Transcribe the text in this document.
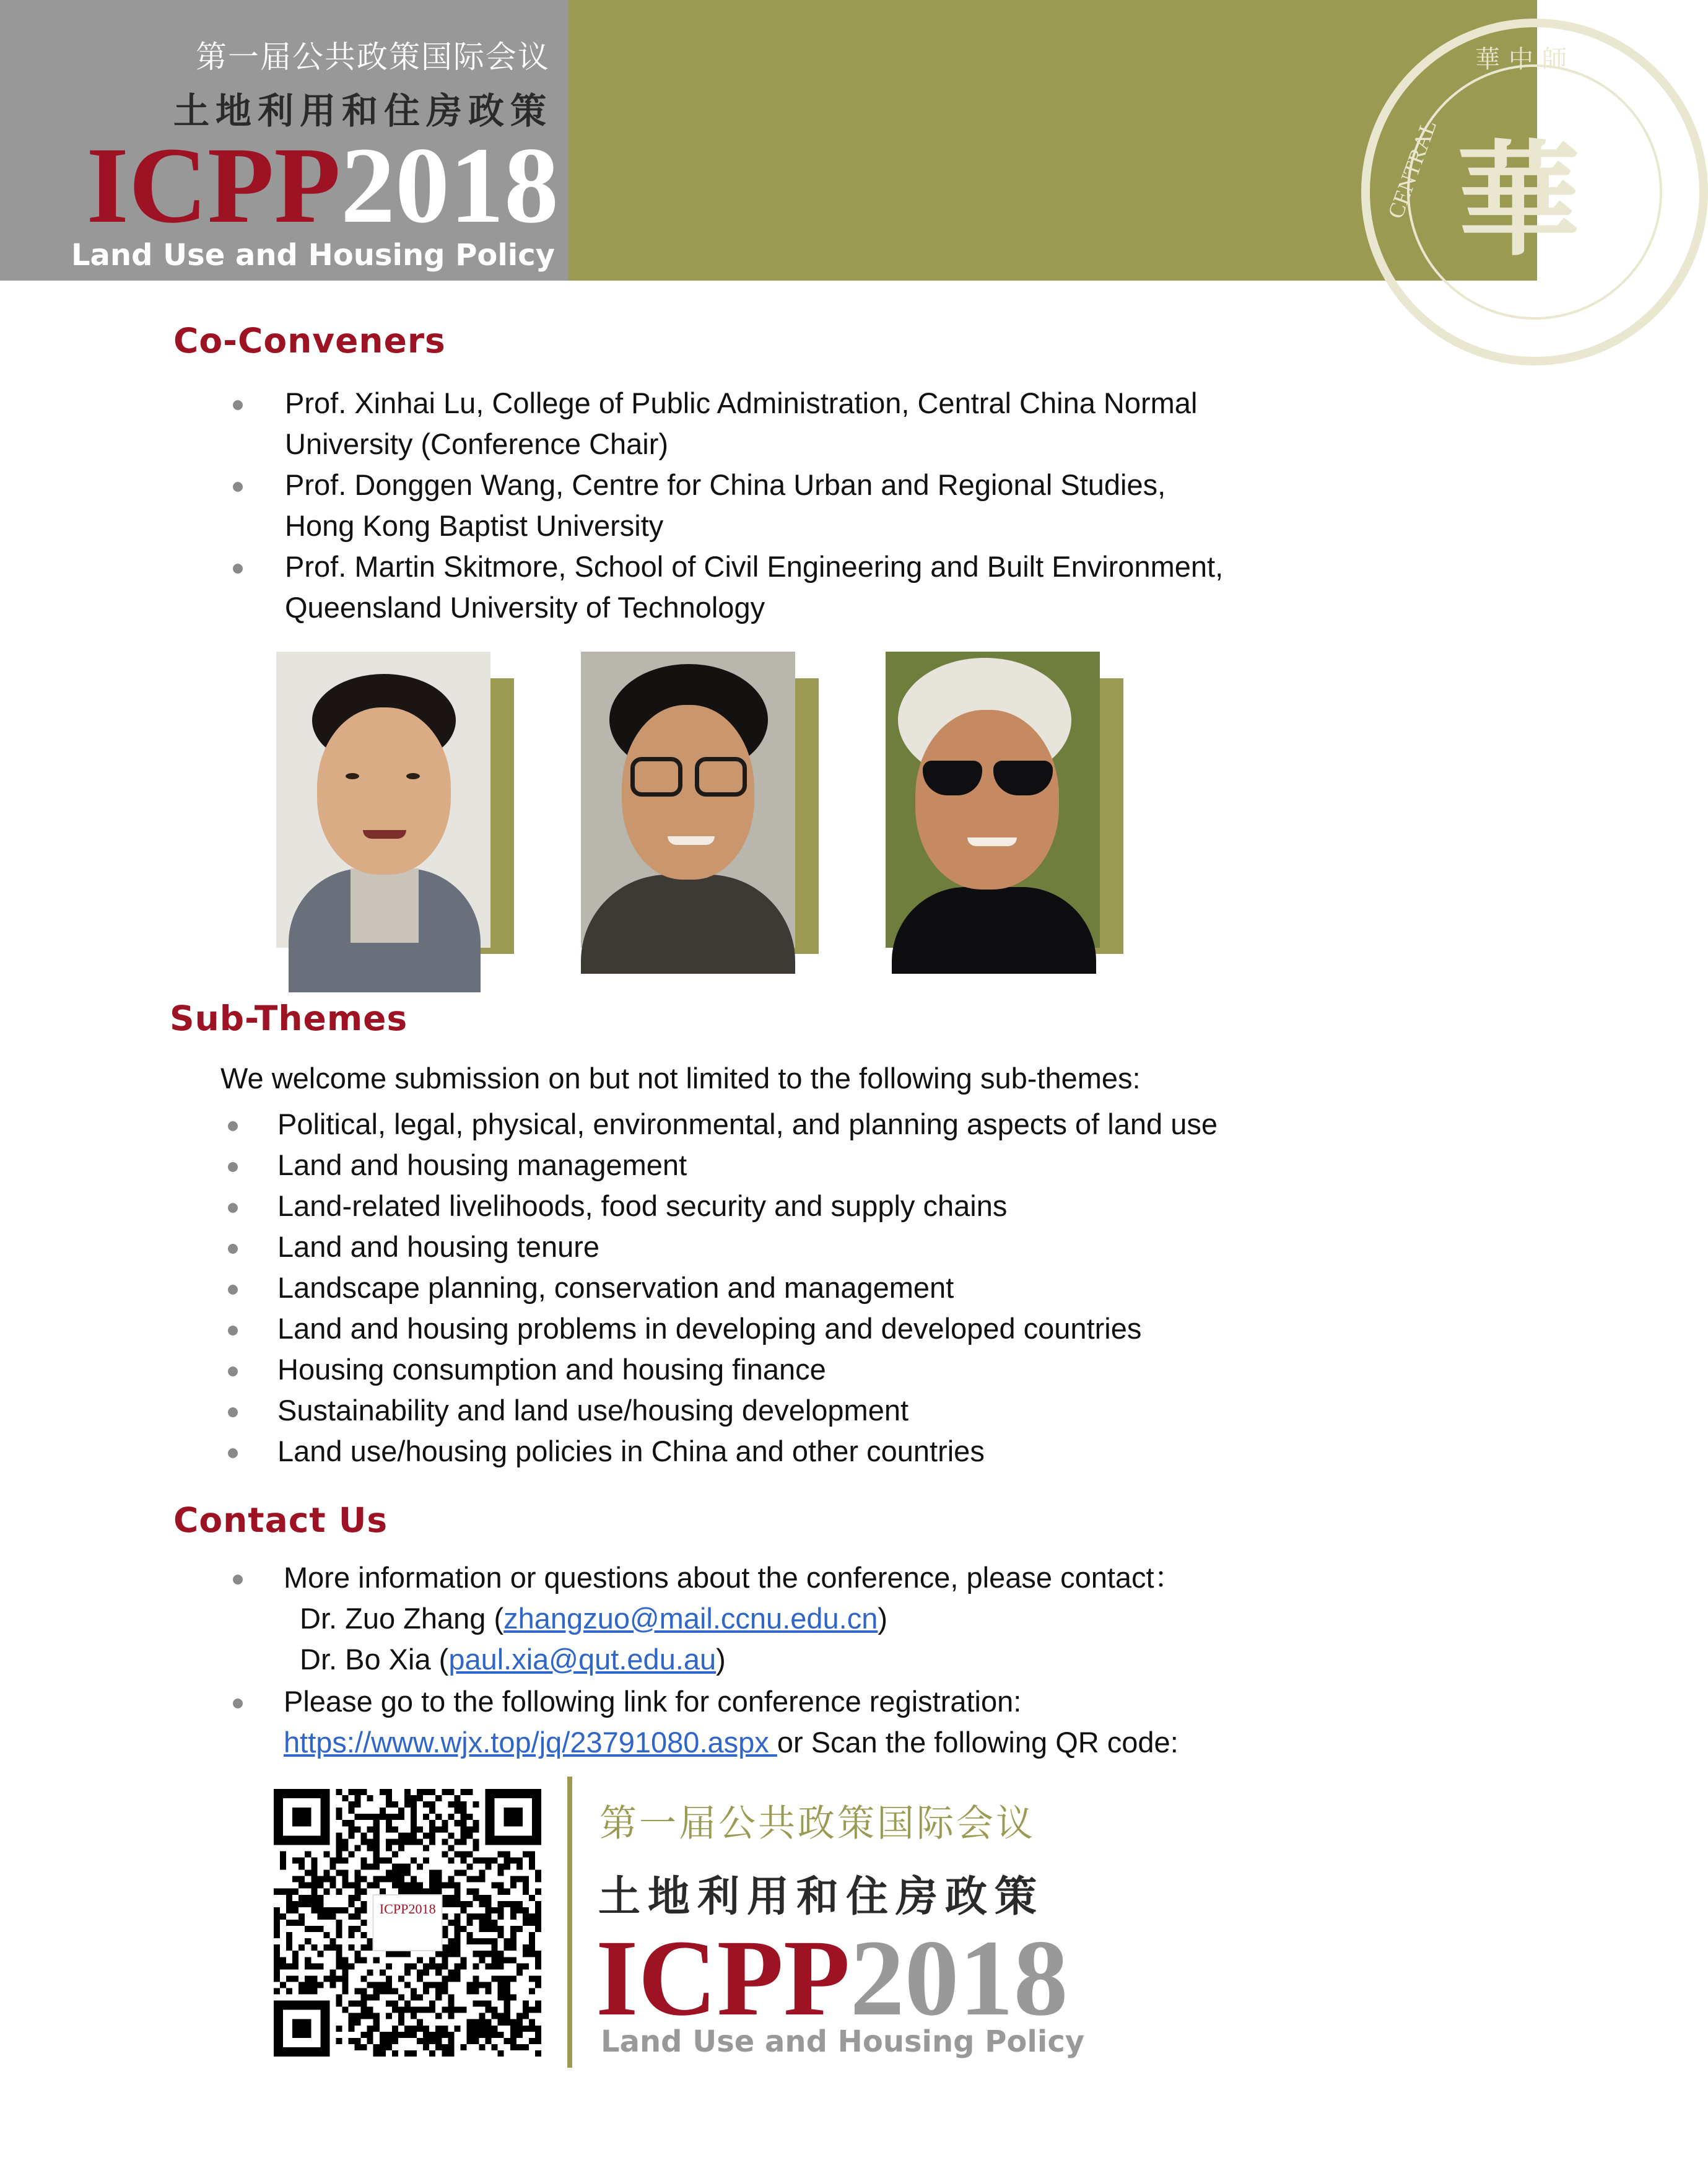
第一届公共政策国际会议
土地利用和住房政策
ICPP2018
Land Use and Housing Policy
華中師
CENTRAL 華
Co-Conveners
Prof. Xinhai Lu, College of Public Administration, Central China Normal
University (Conference Chair)
Prof. Donggen Wang, Centre for China Urban and Regional Studies,
Hong Kong Baptist University
Prof. Martin Skitmore, School of Civil Engineering and Built Environment,
Queensland University of Technology
Sub-Themes
We welcome submission on but not limited to the following sub-themes:
Political, legal, physical, environmental, and planning aspects of land use
Land and housing management
Land-related livelihoods, food security and supply chains
Land and housing tenure
Landscape planning, conservation and management
Land and housing problems in developing and developed countries
Housing consumption and housing finance
Sustainability and land use/housing development
Land use/housing policies in China and other countries
Contact Us
More information or questions about the conference, please contact：
Dr. Zuo Zhang (zhangzuo@mail.ccnu.edu.cn)
Dr. Bo Xia (paul.xia@qut.edu.au)
Please go to the following link for conference registration:
https://www.wjx.top/jq/23791080.aspx or Scan the following QR code:
ICPP2018
第一届公共政策国际会议
土地利用和住房政策
ICPP2018
Land Use and Housing Policy
